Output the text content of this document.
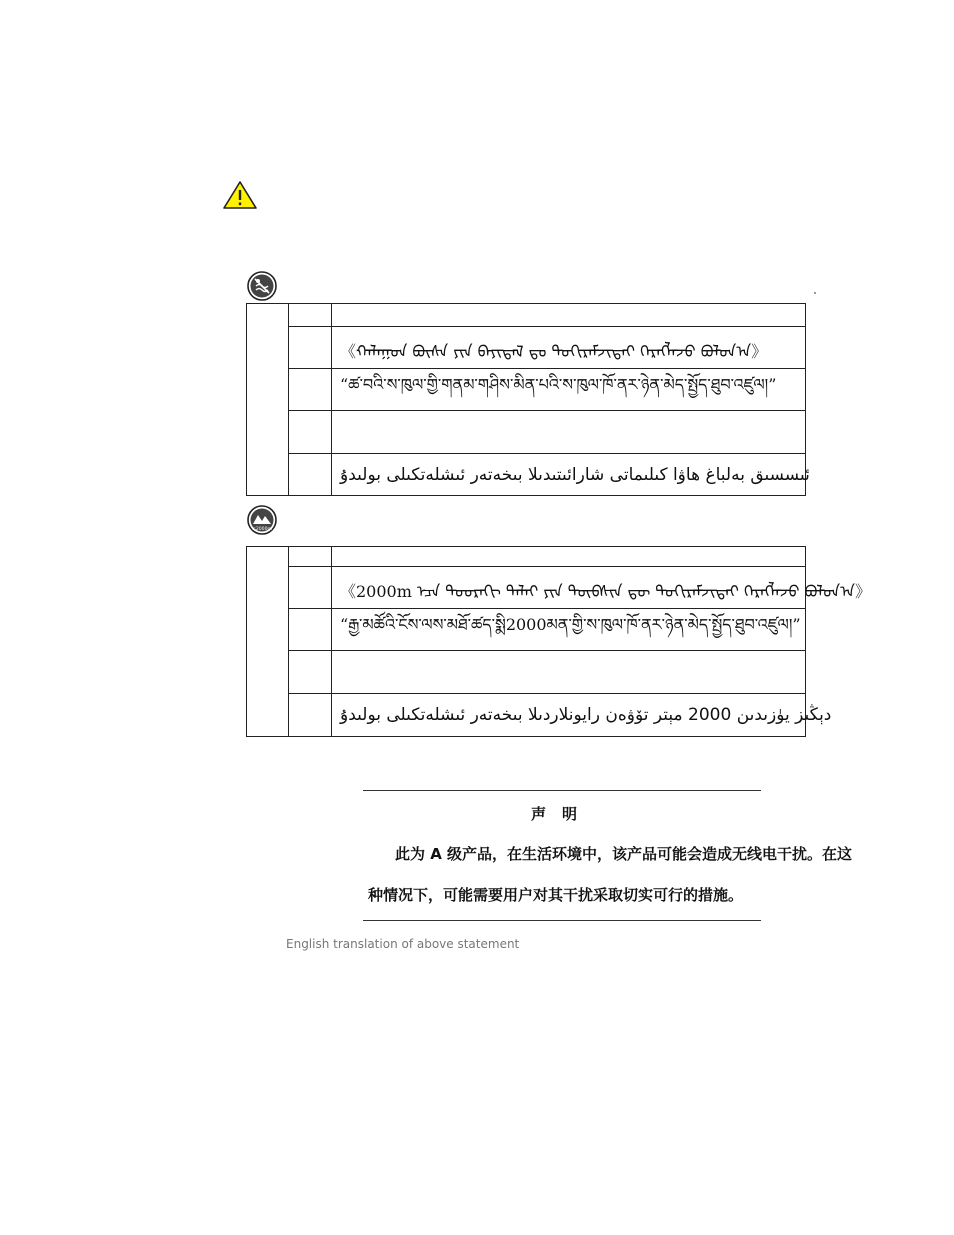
≤2000m
《ᠬᠠᠯᠠᠭᠤᠨ ᠪᠦᠰᠡ ᠶᠢᠨ ᠪᠠᠶᠢᠳᠠᠯ ᠳᠤ ᠲᠣᠬᠢᠷᠠᠮᠵᠢᠲᠠᠶ ᠬᠡᠷᠡᠭᠯᠡᠵᠦ ᠪᠣᠯᠣᠨ᠎ᠠ》
“ཚ་བའི་ས་ཁུལ་གྱི་གནམ་གཤིས་མིན་པའི་ས་ཁུལ་ཁོ་ནར་ཉེན་མེད་སྤྱོད་ཐུབ་འཛུལ།”
ئىسسىق بەلباغ ھاۋا كىلىماتى شارائىتىدىلا بىخەتەر ئىشلەتكىلى بولىدۇ
《2000m ᠡᠴᠡ ᠳᠣᠣᠷᠠᠬᠢ ᠳᠠᠯᠠᠢ ᠶᠢᠨ ᠲᠦᠪᠰᠢᠨ ᠳᠦ ᠲᠣᠬᠢᠷᠠᠮᠵᠢᠲᠠᠶ ᠬᠡᠷᠡᠭᠯᠡᠵᠦ ᠪᠣᠯᠣᠨ᠎ᠠ》
“རྒྱ་མཚོའི་ངོས་ལས་མཐོ་ཚད་སྨི2000མན་གྱི་ས་ཁུལ་ཁོ་ནར་ཉེན་མེད་སྤྱོད་ཐུབ་འཛུལ།”
دېڭىز يۈزىدىن 2000 مېتر تۆۋەن رايونلاردىلا بىخەتەر ئىشلەتكىلى بولىدۇ
声明
此为 A 级产品，在生活环境中，该产品可能会造成无线电干扰。在这
种情况下，可能需要用户对其干扰采取切实可行的措施。
English translation of above statement
